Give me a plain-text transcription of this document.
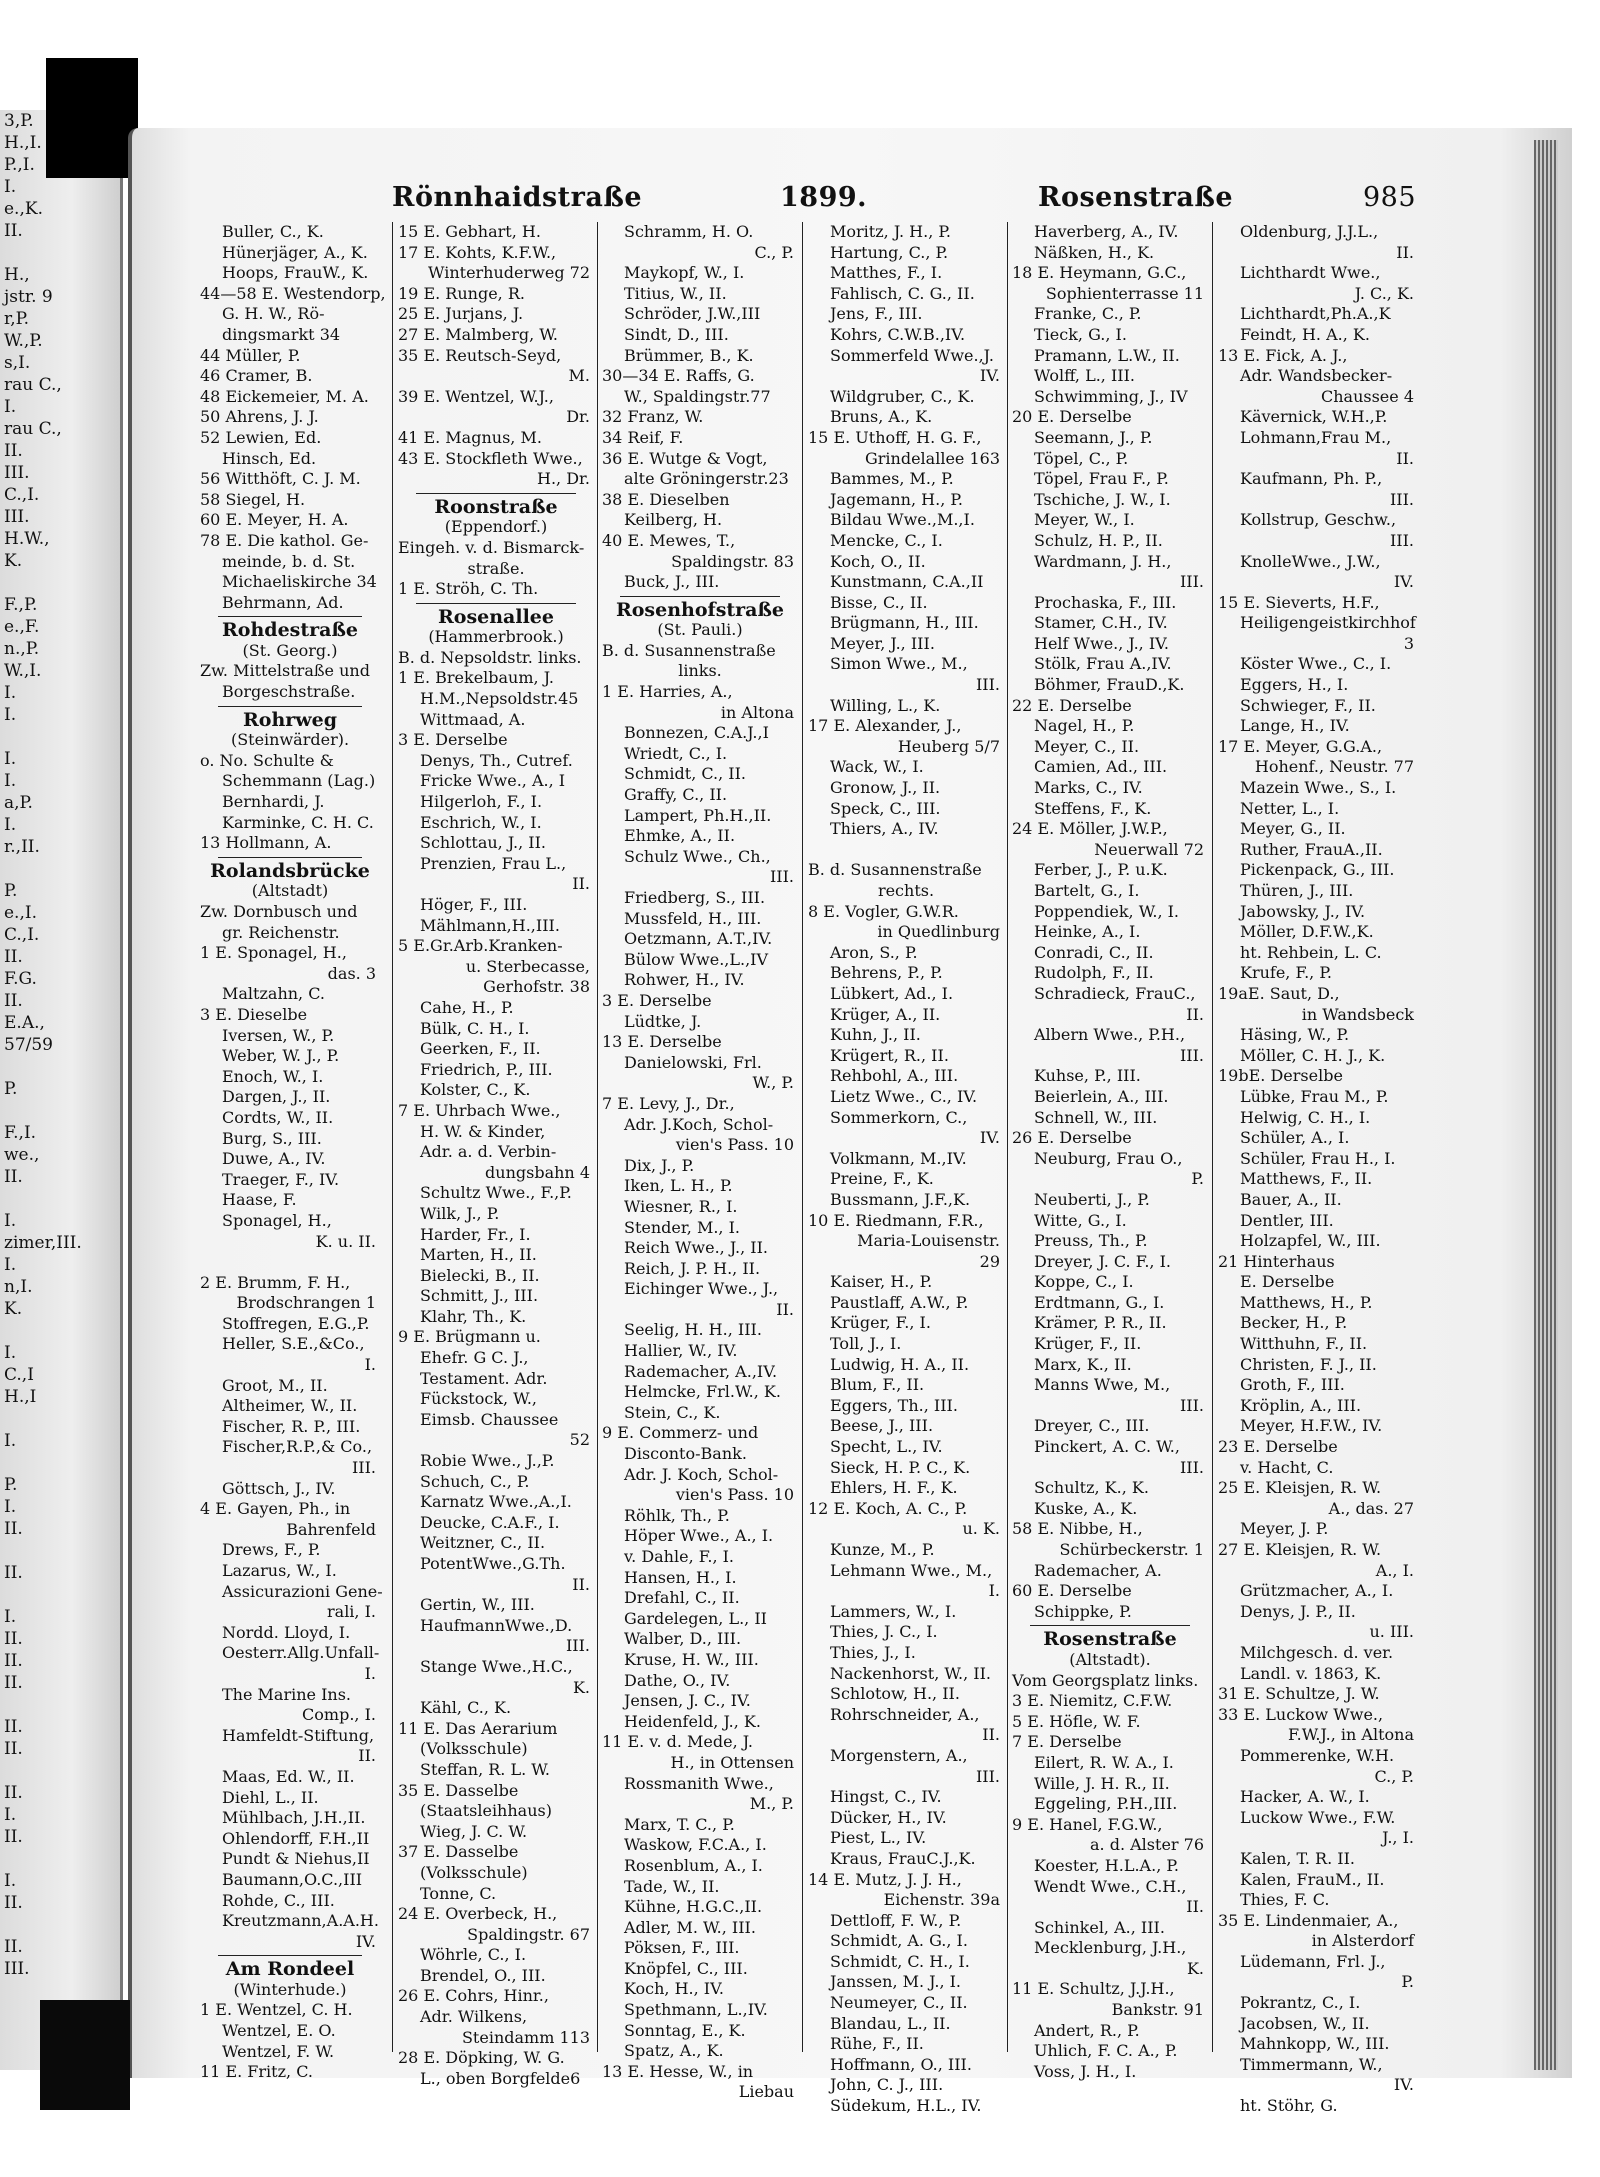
3,P.
H.,I.
P.,I.
I.
e.,K.
II.

H.,
jstr. 9
r,P.
W.,P.
s,I.
rau C.,
I.
rau C.,
II.
III.
C.,I.
III.
H.W.,
K.

F.,P.
e.,F.
n.,P.
W.,I.
I.
I.

I.
I.
a,P.
I.
r.,II.

P.
e.,I.
C.,I.
II.
F.G.
II.
E.A.,
57/59

P.

F.,I.
we.,
II.

I.
zimer,III.
I.
n,I.
K.

I.
C.,I
H.,I

I.

P.
I.
II.

II.

I.
II.
II.
II.

II.
II.

II.
I.
II.

I.
II.

II.
III.
Rönnhaidstraße	1899.	Rosenstraße	985
Buller, C., K.
Hünerjäger, A., K.
Hoops, FrauW., K.
44—58 E. Westendorp,
G. H. W., Rö-
dingsmarkt 34
44 Müller, P.
46 Cramer, B.
48 Eickemeier, M. A.
50 Ahrens, J. J.
52 Lewien, Ed.
Hinsch, Ed.
56 Witthöft, C. J. M.
58 Siegel, H.
60 E. Meyer, H. A.
78 E. Die kathol. Ge-
meinde, b. d. St.
Michaeliskirche 34
Behrmann, Ad.
Rohdestraße
(St. Georg.)
Zw. Mittelstraße und
Borgeschstraße.
Rohrweg
(Steinwärder).
o. No. Schulte &
Schemmann (Lag.)
Bernhardi, J.
Karminke, C. H. C.
13 Hollmann, A.
Rolandsbrücke
(Altstadt)
Zw. Dornbusch und
gr. Reichenstr.
1 E. Sponagel, H.,
das. 3
Maltzahn, C.
3 E. Dieselbe
Iversen, W., P.
Weber, W. J., P.
Enoch, W., I.
Dargen, J., II.
Cordts, W., II.
Burg, S., III.
Duwe, A., IV.
Traeger, F., IV.
Haase, F.
Sponagel, H.,
K. u. II.

2 E. Brumm, F. H.,
Brodschrangen 1
Stoffregen, E.G.,P.
Heller, S.E.,&Co.,
I.
Groot, M., II.
Altheimer, W., II.
Fischer, R. P., III.
Fischer,R.P.,& Co.,
III.
Göttsch, J., IV.
4 E. Gayen, Ph., in
Bahrenfeld
Drews, F., P.
Lazarus, W., I.
Assicurazioni Gene-
rali, I.
Nordd. Lloyd, I.
Oesterr.Allg.Unfall-
I.
The Marine Ins.
Comp., I.
Hamfeldt-Stiftung,
II.
Maas, Ed. W., II.
Diehl, L., II.
Mühlbach, J.H.,II.
Ohlendorff, F.H.,II
Pundt & Niehus,II
Baumann,O.C.,III
Rohde, C., III.
Kreutzmann,A.A.H.
IV.
Am Rondeel
(Winterhude.)
1 E. Wentzel, C. H.
Wentzel, E. O.
Wentzel, F. W.
11 E. Fritz, C.
15 E. Gebhart, H.
17 E. Kohts, K.F.W.,
Winterhuderweg 72
19 E. Runge, R.
25 E. Jurjans, J.
27 E. Malmberg, W.
35 E. Reutsch-Seyd,
M.
39 E. Wentzel, W.J.,
Dr.
41 E. Magnus, M.
43 E. Stockfleth Wwe.,
H., Dr.
Roonstraße
(Eppendorf.)
Eingeh. v. d. Bismarck-
straße.
1 E. Ströh, C. Th.
Rosenallee
(Hammerbrook.)
B. d. Nepsoldstr. links.
1 E. Brekelbaum, J.
H.M.,Nepsoldstr.45
Wittmaad, A.
3 E. Derselbe
Denys, Th., Cutref.
Fricke Wwe., A., I
Hilgerloh, F., I.
Eschrich, W., I.
Schlottau, J., II.
Prenzien, Frau L.,
II.
Höger, F., III.
Mählmann,H.,III.
5 E.Gr.Arb.Kranken-
u. Sterbecasse,
Gerhofstr. 38
Cahe, H., P.
Bülk, C. H., I.
Geerken, F., II.
Friedrich, P., III.
Kolster, C., K.
7 E. Uhrbach Wwe.,
H. W. & Kinder,
Adr. a. d. Verbin-
dungsbahn 4
Schultz Wwe., F.,P.
Wilk, J., P.
Harder, Fr., I.
Marten, H., II.
Bielecki, B., II.
Schmitt, J., III.
Klahr, Th., K.
9 E. Brügmann u.
Ehefr. G C. J.,
Testament. Adr.
Fückstock, W.,
Eimsb. Chaussee
52
Robie Wwe., J.,P.
Schuch, C., P.
Karnatz Wwe.,A.,I.
Deucke, C.A.F., I.
Weitzner, C., II.
PotentWwe.,G.Th.
II.
Gertin, W., III.
HaufmannWwe.,D.
III.
Stange Wwe.,H.C.,
K.
Kähl, C., K.
11 E. Das Aerarium
(Volksschule)
Steffan, R. L. W.
35 E. Dasselbe
(Staatsleihhaus)
Wieg, J. C. W.
37 E. Dasselbe
(Volksschule)
Tonne, C.
24 E. Overbeck, H.,
Spaldingstr. 67
Wöhrle, C., I.
Brendel, O., III.
26 E. Cohrs, Hinr.,
Adr. Wilkens,
Steindamm 113
28 E. Döpking, W. G.
L., oben Borgfelde6
Schramm, H. O.
C., P.
Maykopf, W., I.
Titius, W., II.
Schröder, J.W.,III
Sindt, D., III.
Brümmer, B., K.
30—34 E. Raffs, G.
W., Spaldingstr.77
32 Franz, W.
34 Reif, F.
36 E. Wutge & Vogt,
alte Gröningerstr.23
38 E. Dieselben
Keilberg, H.
40 E. Mewes, T.,
Spaldingstr. 83
Buck, J., III.
Rosenhofstraße
(St. Pauli.)
B. d. Susannenstraße
links.
1 E. Harries, A.,
in Altona
Bonnezen, C.A.J.,I
Wriedt, C., I.
Schmidt, C., II.
Graffy, C., II.
Lampert, Ph.H.,II.
Ehmke, A., II.
Schulz Wwe., Ch.,
III.
Friedberg, S., III.
Mussfeld, H., III.
Oetzmann, A.T.,IV.
Bülow Wwe.,L.,IV
Rohwer, H., IV.
3 E. Derselbe
Lüdtke, J.
13 E. Derselbe
Danielowski, Frl.
W., P.
7 E. Levy, J., Dr.,
Adr. J.Koch, Schol-
vien's Pass. 10
Dix, J., P.
Iken, L. H., P.
Wiesner, R., I.
Stender, M., I.
Reich Wwe., J., II.
Reich, J. P. H., II.
Eichinger Wwe., J.,
II.
Seelig, H. H., III.
Hallier, W., IV.
Rademacher, A.,IV.
Helmcke, Frl.W., K.
Stein, C., K.
9 E. Commerz- und
Disconto-Bank.
Adr. J. Koch, Schol-
vien's Pass. 10
Röhlk, Th., P.
Höper Wwe., A., I.
v. Dahle, F., I.
Hansen, H., I.
Drefahl, C., II.
Gardelegen, L., II
Walber, D., III.
Kruse, H. W., III.
Dathe, O., IV.
Jensen, J. C., IV.
Heidenfeld, J., K.
11 E. v. d. Mede, J.
H., in Ottensen
Rossmanith Wwe.,
M., P.
Marx, T. C., P.
Waskow, F.C.A., I.
Rosenblum, A., I.
Tade, W., II.
Kühne, H.G.C.,II.
Adler, M. W., III.
Pöksen, F., III.
Knöpfel, C., III.
Koch, H., IV.
Spethmann, L.,IV.
Sonntag, E., K.
Spatz, A., K.
13 E. Hesse, W., in
Liebau
Moritz, J. H., P.
Hartung, C., P.
Matthes, F., I.
Fahlisch, C. G., II.
Jens, F., III.
Kohrs, C.W.B.,IV.
Sommerfeld Wwe.,J.
IV.
Wildgruber, C., K.
Bruns, A., K.
15 E. Uthoff, H. G. F.,
Grindelallee 163
Bammes, M., P.
Jagemann, H., P.
Bildau Wwe.,M.,I.
Mencke, C., I.
Koch, O., II.
Kunstmann, C.A.,II
Bisse, C., II.
Brügmann, H., III.
Meyer, J., III.
Simon Wwe., M.,
III.
Willing, L., K.
17 E. Alexander, J.,
Heuberg 5/7
Wack, W., I.
Gronow, J., II.
Speck, C., III.
Thiers, A., IV.

B. d. Susannenstraße
rechts.
8 E. Vogler, G.W.R.
in Quedlinburg
Aron, S., P.
Behrens, P., P.
Lübkert, Ad., I.
Krüger, A., II.
Kuhn, J., II.
Krügert, R., II.
Rehbohl, A., III.
Lietz Wwe., C., IV.
Sommerkorn, C.,
IV.
Volkmann, M.,IV.
Preine, F., K.
Bussmann, J.F.,K.
10 E. Riedmann, F.R.,
Maria-Louisenstr.
29
Kaiser, H., P.
Paustlaff, A.W., P.
Krüger, F., I.
Toll, J., I.
Ludwig, H. A., II.
Blum, F., II.
Eggers, Th., III.
Beese, J., III.
Specht, L., IV.
Sieck, H. P. C., K.
Ehlers, H. F., K.
12 E. Koch, A. C., P.
u. K.
Kunze, M., P.
Lehmann Wwe., M.,
I.
Lammers, W., I.
Thies, J. C., I.
Thies, J., I.
Nackenhorst, W., II.
Schlotow, H., II.
Rohrschneider, A.,
II.
Morgenstern, A.,
III.
Hingst, C., IV.
Dücker, H., IV.
Piest, L., IV.
Kraus, FrauC.J.,K.
14 E. Mutz, J. J. H.,
Eichenstr. 39a
Dettloff, F. W., P.
Schmidt, A. G., I.
Schmidt, C. H., I.
Janssen, M. J., I.
Neumeyer, C., II.
Blandau, L., II.
Rühe, F., II.
Hoffmann, O., III.
John, C. J., III.
Südekum, H.L., IV.
Haverberg, A., IV.
Näßken, H., K.
18 E. Heymann, G.C.,
Sophienterrasse 11
Franke, C., P.
Tieck, G., I.
Pramann, L.W., II.
Wolff, L., III.
Schwimming, J., IV
20 E. Derselbe
Seemann, J., P.
Töpel, C., P.
Töpel, Frau F., P.
Tschiche, J. W., I.
Meyer, W., I.
Schulz, H. P., II.
Wardmann, J. H.,
III.
Prochaska, F., III.
Stamer, C.H., IV.
Helf Wwe., J., IV.
Stölk, Frau A.,IV.
Böhmer, FrauD.,K.
22 E. Derselbe
Nagel, H., P.
Meyer, C., II.
Camien, Ad., III.
Marks, C., IV.
Steffens, F., K.
24 E. Möller, J.W.P.,
Neuerwall 72
Ferber, J., P. u.K.
Bartelt, G., I.
Poppendiek, W., I.
Heinke, A., I.
Conradi, C., II.
Rudolph, F., II.
Schradieck, FrauC.,
II.
Albern Wwe., P.H.,
III.
Kuhse, P., III.
Beierlein, A., III.
Schnell, W., III.
26 E. Derselbe
Neuburg, Frau O.,
P.
Neuberti, J., P.
Witte, G., I.
Preuss, Th., P.
Dreyer, J. C. F., I.
Koppe, C., I.
Erdtmann, G., I.
Krämer, P. R., II.
Krüger, F., II.
Marx, K., II.
Manns Wwe, M.,
III.
Dreyer, C., III.
Pinckert, A. C. W.,
III.
Schultz, K., K.
Kuske, A., K.
58 E. Nibbe, H.,
Schürbeckerstr. 1
Rademacher, A.
60 E. Derselbe
Schippke, P.
Rosenstraße
(Altstadt).
Vom Georgsplatz links.
3 E. Niemitz, C.F.W.
5 E. Höfle, W. F.
7 E. Derselbe
Eilert, R. W. A., I.
Wille, J. H. R., II.
Eggeling, P.H.,III.
9 E. Hanel, F.G.W.,
a. d. Alster 76
Koester, H.L.A., P.
Wendt Wwe., C.H.,
II.
Schinkel, A., III.
Mecklenburg, J.H.,
K.
11 E. Schultz, J.J.H.,
Bankstr. 91
Andert, R., P.
Uhlich, F. C. A., P.
Voss, J. H., I.
Oldenburg, J.J.L.,
II.
Lichthardt Wwe.,
J. C., K.
Lichthardt,Ph.A.,K
Feindt, H. A., K.
13 E. Fick, A. J.,
Adr. Wandsbecker-
Chaussee 4
Kävernick, W.H.,P.
Lohmann,Frau M.,
II.
Kaufmann, Ph. P.,
III.
Kollstrup, Geschw.,
III.
KnolleWwe., J.W.,
IV.
15 E. Sieverts, H.F.,
Heiligengeistkirchhof
3
Köster Wwe., C., I.
Eggers, H., I.
Schwieger, F., II.
Lange, H., IV.
17 E. Meyer, G.G.A.,
Hohenf., Neustr. 77
Mazein Wwe., S., I.
Netter, L., I.
Meyer, G., II.
Ruther, FrauA.,II.
Pickenpack, G., III.
Thüren, J., III.
Jabowsky, J., IV.
Möller, D.F.W.,K.
ht. Rehbein, L. C.
Krufe, F., P.
19aE. Saut, D.,
in Wandsbeck
Häsing, W., P.
Möller, C. H. J., K.
19bE. Derselbe
Lübke, Frau M., P.
Helwig, C. H., I.
Schüler, A., I.
Schüler, Frau H., I.
Matthews, F., II.
Bauer, A., II.
Dentler, III.
Holzapfel, W., III.
21 Hinterhaus
E. Derselbe
Matthews, H., P.
Becker, H., P.
Witthuhn, F., II.
Christen, F. J., II.
Groth, F., III.
Kröplin, A., III.
Meyer, H.F.W., IV.
23 E. Derselbe
v. Hacht, C.
25 E. Kleisjen, R. W.
A., das. 27
Meyer, J. P.
27 E. Kleisjen, R. W.
A., I.
Grützmacher, A., I.
Denys, J. P., II.
u. III.
Milchgesch. d. ver.
Landl. v. 1863, K.
31 E. Schultze, J. W.
33 E. Luckow Wwe.,
F.W.J., in Altona
Pommerenke, W.H.
C., P.
Hacker, A. W., I.
Luckow Wwe., F.W.
J., I.
Kalen, T. R. II.
Kalen, FrauM., II.
Thies, F. C.
35 E. Lindenmaier, A.,
in Alsterdorf
Lüdemann, Frl. J.,
P.
Pokrantz, C., I.
Jacobsen, W., II.
Mahnkopp, W., III.
Timmermann, W.,
IV.
ht. Stöhr, G.
